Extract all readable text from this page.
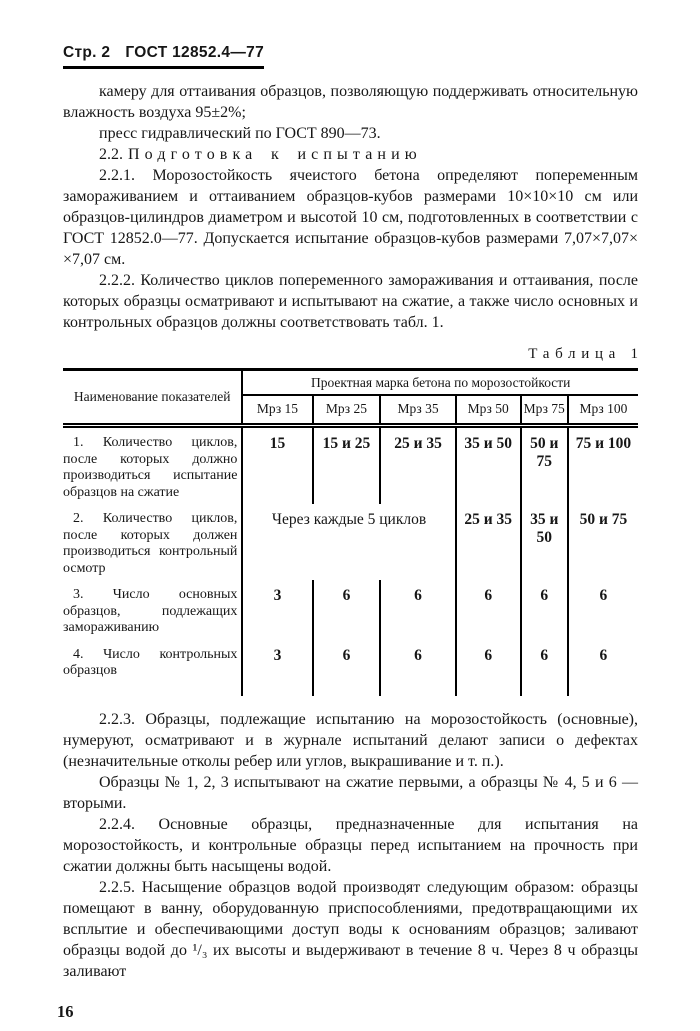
Стр. 2 ГОСТ 12852.4—77

камеру для оттаивания образцов, позволяющую поддерживать относительную влажность воздуха 95±2%;

пресс гидравлический по ГОСТ 890—73.

2.2. Подготовка к испытанию

2.2.1. Морозостойкость ячеистого бетона определяют попеременным замораживанием и оттаиванием образцов-кубов размерами 10×10×10 см или образцов-цилиндров диаметром и высотой 10 см, подготовленных в соответствии с ГОСТ 12852.0—77. Допускается испытание образцов-кубов размерами 7,07×7,07× ×7,07 см.

2.2.2. Количество циклов попеременного замораживания и оттаивания, после которых образцы осматривают и испытывают на сжатие, а также число основных и контрольных образцов должны соответствовать табл. 1.

Таблица 1
Наименование показателей	Проектная марка бетона по морозостойкости					
	Мрз 15	Мрз 25	Мрз 35	Мрз 50	Мрз 75	Мрз 100
1. Количество циклов, после которых должно производиться испытание образцов на сжатие	15	15 и 25	25 и 35	35 и 50	50 и 75	75 и 100
2. Количество циклов, после которых должен производиться контрольный осмотр	Через каждые 5 циклов			25 и 35	35 и 50	50 и 75
3. Число основных образцов, подлежащих замораживанию	3	6	6	6	6	6
4. Число контрольных образцов	3	6	6	6	6	6

2.2.3. Образцы, подлежащие испытанию на морозостойкость (основные), нумеруют, осматривают и в журнале испытаний делают записи о дефектах (незначительные отколы ребер или углов, выкрашивание и т. п.).

Образцы № 1, 2, 3 испытывают на сжатие первыми, а образцы № 4, 5 и 6 — вторыми.

2.2.4. Основные образцы, предназначенные для испытания на морозостойкость, и контрольные образцы перед испытанием на прочность при сжатии должны быть насыщены водой.

2.2.5. Насыщение образцов водой производят следующим образом: образцы помещают в ванну, оборудованную приспособлениями, предотвращающими их всплытие и обеспечивающими доступ воды к основаниям образцов; заливают образцы водой до ¹/₃ их высоты и выдерживают в течение 8 ч. Через 8 ч образцы заливают

16
